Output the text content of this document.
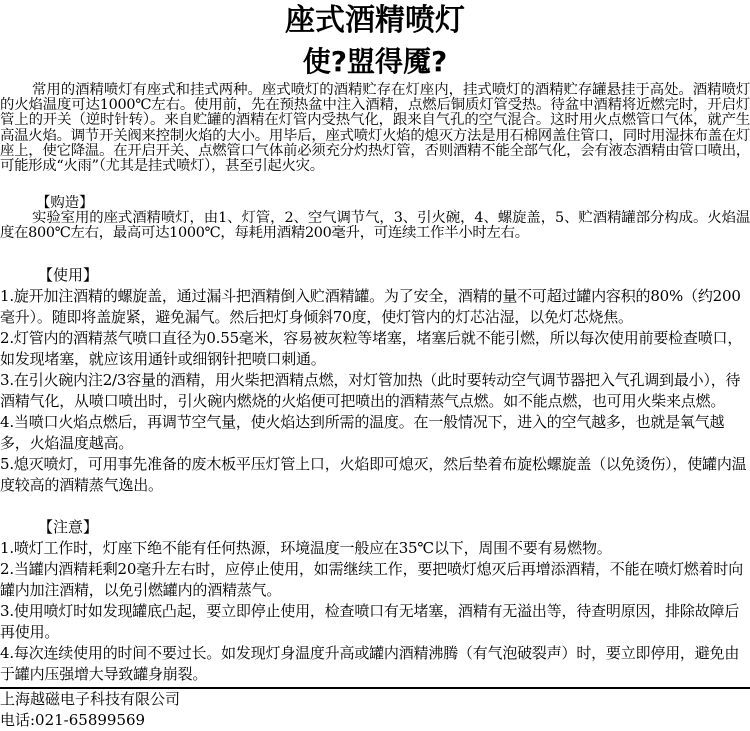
座式酒精喷灯
使?盟得魇?

常用的酒精喷灯有座式和挂式两种。座式喷灯的酒精贮存在灯座内，挂式喷灯的酒精贮存罐悬挂于高处。酒精喷灯的火焰温度可达1000℃左右。使用前，先在预热盆中注入酒精，点燃后铜质灯管受热。待盆中酒精将近燃完时，开启灯管上的开关（逆时针转）。来自贮罐的酒精在灯管内受热气化，跟来自气孔的空气混合。这时用火点燃管口气体，就产生高温火焰。调节开关阀来控制火焰的大小。用毕后，座式喷灯火焰的熄灭方法是用石棉网盖住管口，同时用湿抹布盖在灯座上，使它降温。在开启开关、点燃管口气体前必须充分灼热灯管，否则酒精不能全部气化，会有液态酒精由管口喷出，可能形成“火雨”（尤其是挂式喷灯），甚至引起火灾。

【购造】

实验室用的座式酒精喷灯，由1、灯管，2、空气调节气，3、引火碗，4、螺旋盖，5、贮酒精罐部分构成。火焰温度在800℃左右，最高可达1000℃，每耗用酒精200毫升，可连续工作半小时左右。

【使用】
1.旋开加注酒精的螺旋盖，通过漏斗把酒精倒入贮酒精罐。为了安全，酒精的量不可超过罐内容积的80%（约200毫升）。随即将盖旋紧，避免漏气。然后把灯身倾斜70度，使灯管内的灯芯沾湿，以免灯芯烧焦。
2.灯管内的酒精蒸气喷口直径为0.55毫米，容易被灰粒等堵塞，堵塞后就不能引燃，所以每次使用前要检查喷口，如发现堵塞，就应该用通针或细钢针把喷口刺通。
3.在引火碗内注2/3容量的酒精，用火柴把酒精点燃，对灯管加热（此时要转动空气调节器把入气孔调到最小），待酒精气化，从喷口喷出时，引火碗内燃烧的火焰便可把喷出的酒精蒸气点燃。如不能点燃，也可用火柴来点燃。
4.当喷口火焰点燃后，再调节空气量，使火焰达到所需的温度。在一般情况下，进入的空气越多，也就是氧气越多，火焰温度越高。
5.熄灭喷灯，可用事先准备的废木板平压灯管上口，火焰即可熄灭，然后垫着布旋松螺旋盖（以免烫伤），使罐内温度较高的酒精蒸气逸出。
【注意】
1.喷灯工作时，灯座下绝不能有任何热源，环境温度一般应在35℃以下，周围不要有易燃物。
2.当罐内酒精耗剩20毫升左右时，应停止使用，如需继续工作，要把喷灯熄灭后再增添酒精，不能在喷灯燃着时向罐内加注酒精，以免引燃罐内的酒精蒸气。
3.使用喷灯时如发现罐底凸起，要立即停止使用，检查喷口有无堵塞，酒精有无溢出等，待查明原因，排除故障后再使用。
4.每次连续使用的时间不要过长。如发现灯身温度升高或罐内酒精沸腾（有气泡破裂声）时，要立即停用，避免由于罐内压强增大导致罐身崩裂。
上海越磁电子科技有限公司
电话:021-65899569
